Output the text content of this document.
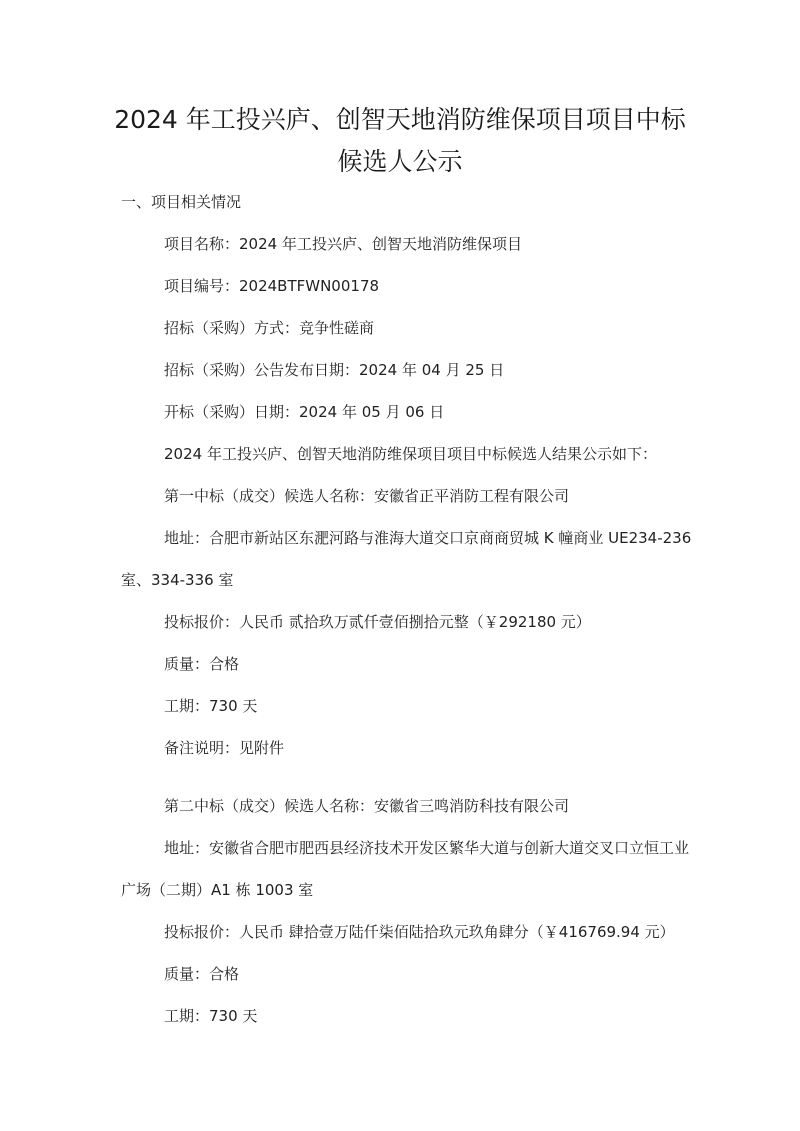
2024 年工投兴庐、创智天地消防维保项目项目中标
候选人公示
一、项目相关情况
项目名称：2024 年工投兴庐、创智天地消防维保项目
项目编号：2024BTFWN00178
招标（采购）方式：竞争性磋商
招标（采购）公告发布日期：2024 年 04 月 25 日
开标（采购）日期：2024 年 05 月 06 日
2024 年工投兴庐、创智天地消防维保项目项目中标候选人结果公示如下：
第一中标（成交）候选人名称：安徽省正平消防工程有限公司
地址：合肥市新站区东淝河路与淮海大道交口京商商贸城 K 幢商业 UE234-236
室、334-336 室
投标报价：人民币 贰拾玖万贰仟壹佰捌拾元整（￥292180 元）
质量：合格
工期：730 天
备注说明：见附件
第二中标（成交）候选人名称：安徽省三鸣消防科技有限公司
地址：安徽省合肥市肥西县经济技术开发区繁华大道与创新大道交叉口立恒工业
广场（二期）A1 栋 1003 室
投标报价：人民币 肆拾壹万陆仟柒佰陆拾玖元玖角肆分（￥416769.94 元）
质量：合格
工期：730 天
